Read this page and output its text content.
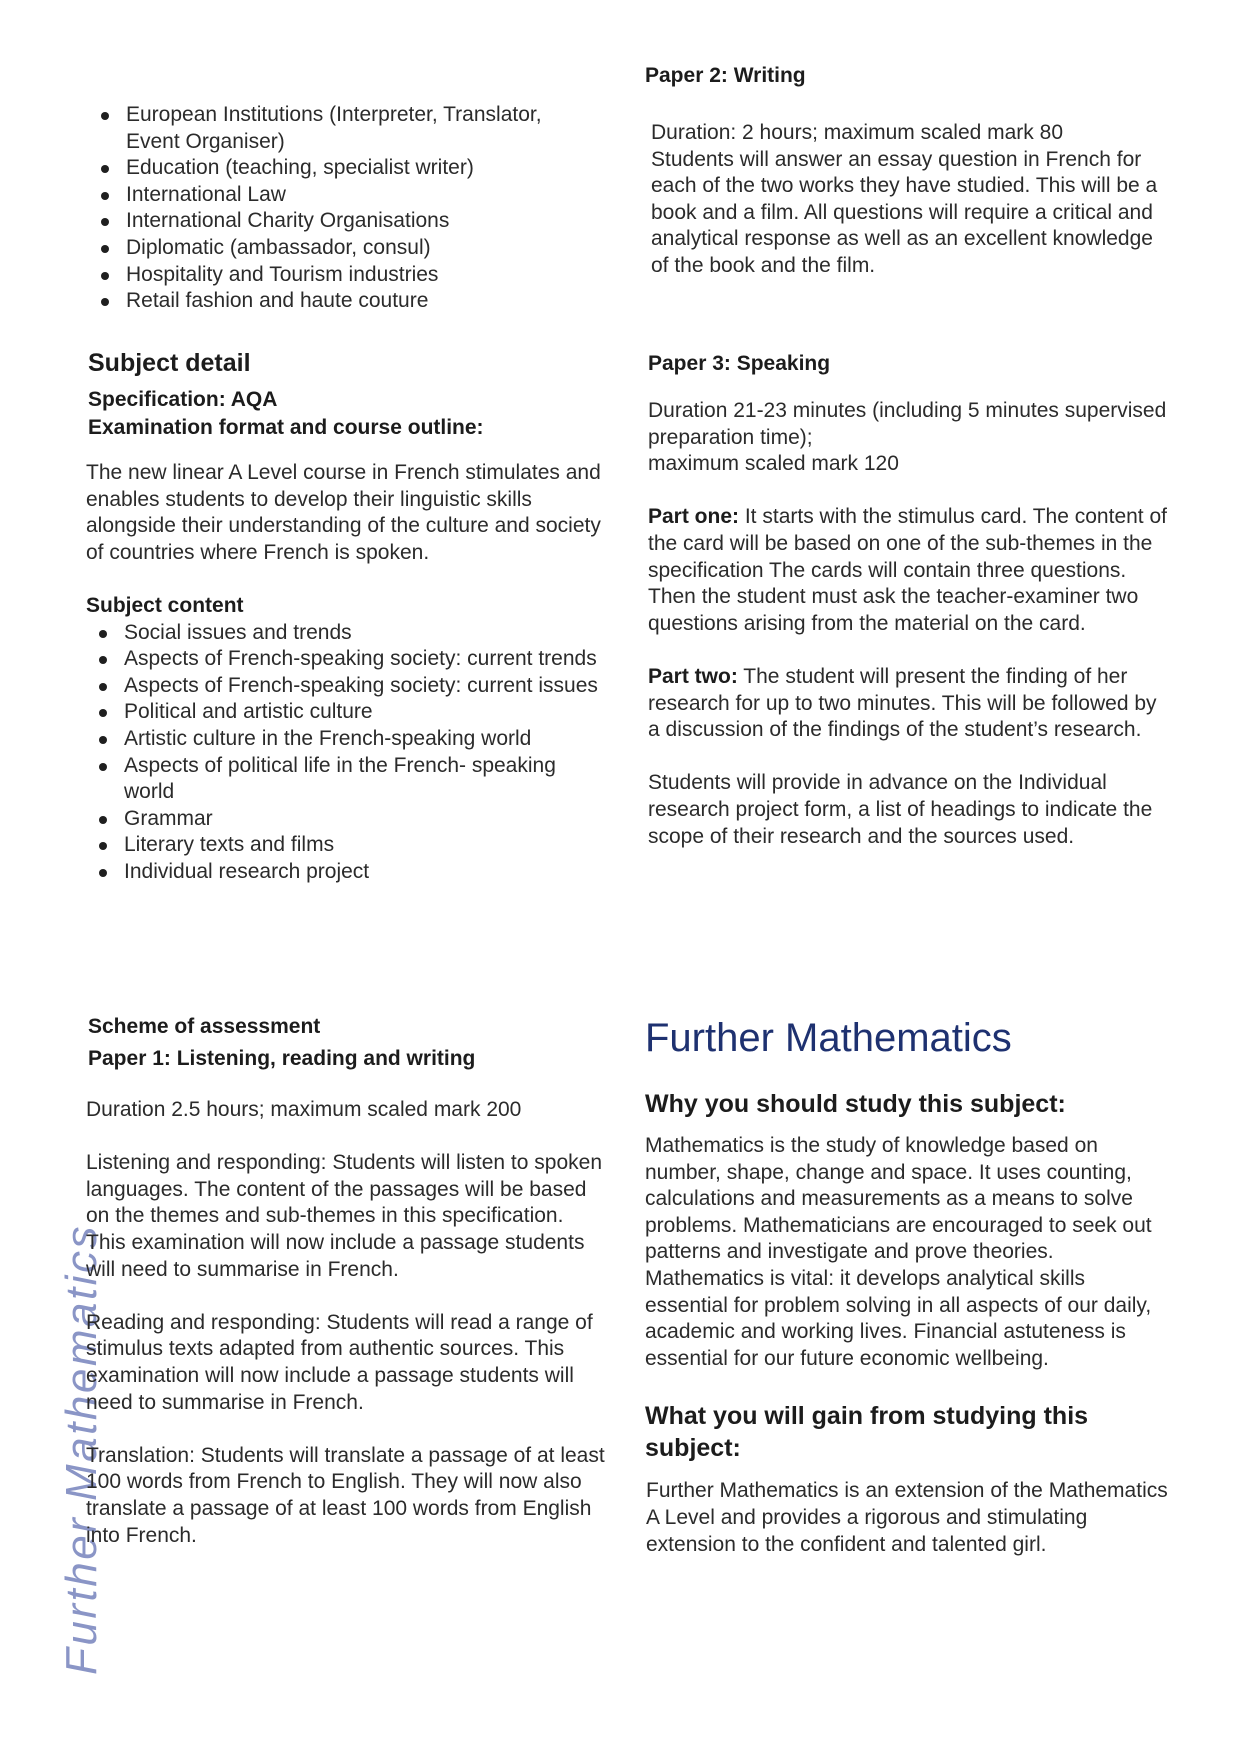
Further Mathematics
European Institutions (Interpreter, Translator, Event Organiser)
Education (teaching, specialist writer)
International Law
International Charity Organisations
Diplomatic (ambassador, consul)
Hospitality and Tourism industries
Retail fashion and haute couture
Subject detail
Specification: AQA
Examination format and course outline:

The new linear A Level course in French stimulates and enables students to develop their linguistic skills alongside their understanding of the culture and society of countries where French is spoken.

Subject content
Social issues and trends
Aspects of French-speaking society: current trends
Aspects of French-speaking society: current issues
Political and artistic culture
Artistic culture in the French-speaking world
Aspects of political life in the French- speaking world
Grammar
Literary texts and films
Individual research project
Scheme of assessment
Paper 1: Listening, reading and writing

Duration 2.5 hours; maximum scaled mark 200

Listening and responding: Students will listen to spoken languages. The content of the passages will be based on the themes and sub-themes in this specification. This examination will now include a passage students will need to summarise in French.

Reading and responding: Students will read a range of stimulus texts adapted from authentic sources. This examination will now include a passage students will need to summarise in French.

Translation: Students will translate a passage of at least 100 words from French to English. They will now also translate a passage of at least 100 words from English into French.

Paper 2: Writing

Duration: 2 hours; maximum scaled mark 80

Students will answer an essay question in French for each of the two works they have studied. This will be a book and a film. All questions will require a critical and analytical response as well as an excellent knowledge of the book and the film.

Paper 3: Speaking

Duration 21-23 minutes (including 5 minutes supervised preparation time);

maximum scaled mark 120

Part one: It starts with the stimulus card. The content of the card will be based on one of the sub-themes in the specification The cards will contain three questions. Then the student must ask the teacher-examiner two questions arising from the material on the card.

Part two: The student will present the finding of her research for up to two minutes. This will be followed by a discussion of the findings of the student’s research.

Students will provide in advance on the Individual research project form, a list of headings to indicate the scope of their research and the sources used.

Further Mathematics
Why you should study this subject:

Mathematics is the study of knowledge based on number, shape, change and space. It uses counting, calculations and measurements as a means to solve problems. Mathematicians are encouraged to seek out patterns and investigate and prove theories. Mathematics is vital: it develops analytical skills essential for problem solving in all aspects of our daily, academic and working lives. Financial astuteness is essential for our future economic wellbeing.

What you will gain from studying this subject:

Further Mathematics is an extension of the Mathematics A Level and provides a rigorous and stimulating extension to the confident and talented girl.
